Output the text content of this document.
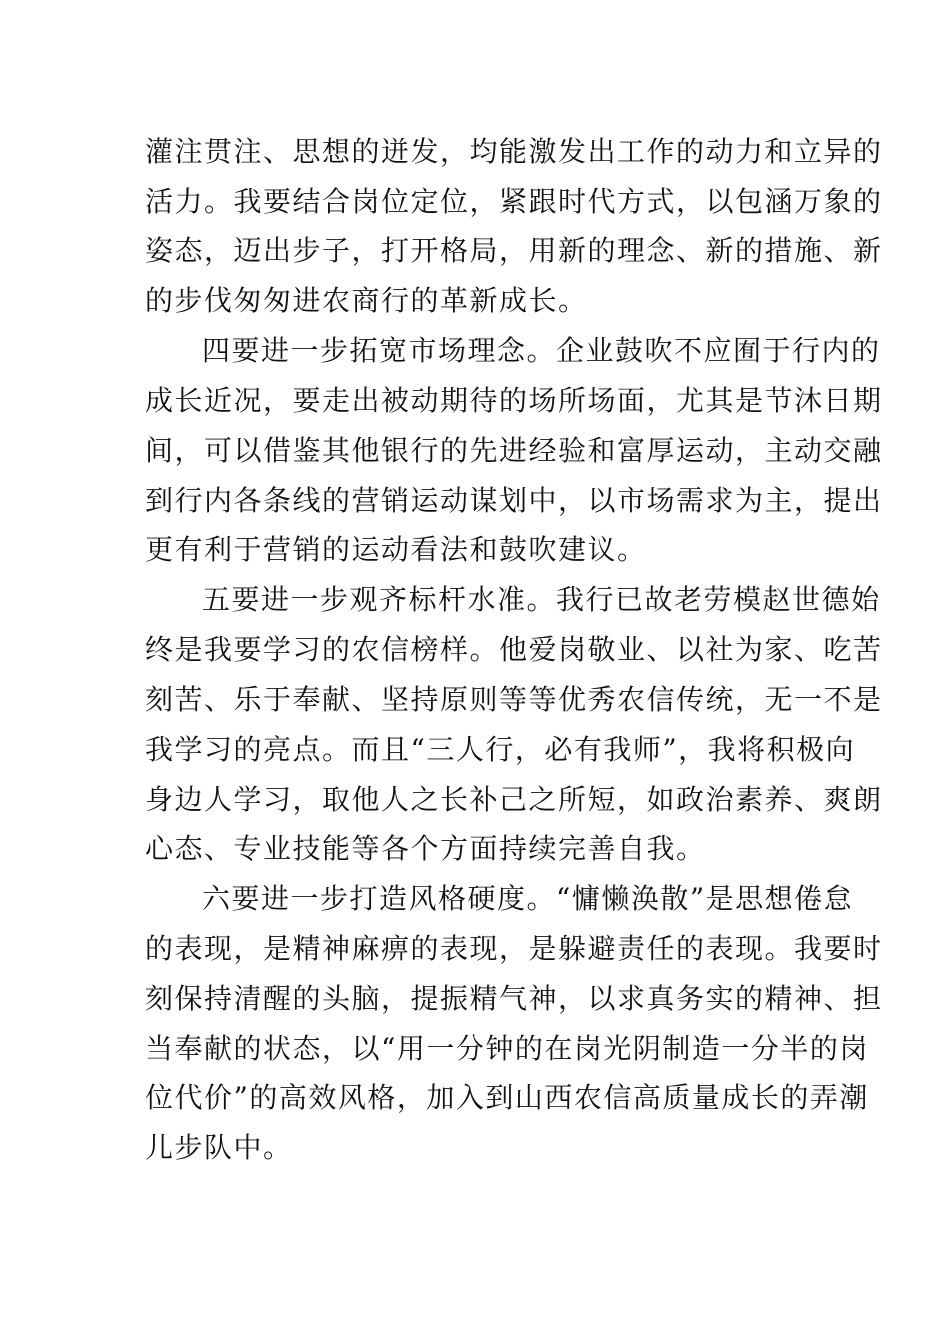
灌注贯注、思想的迸发，均能激发出工作的动力和立异的
活力。我要结合岗位定位，紧跟时代方式，以包涵万象的
姿态，迈出步子，打开格局，用新的理念、新的措施、新
的步伐匆匆进农商行的革新成长。
四要进一步拓宽市场理念。企业鼓吹不应囿于行内的
成长近况，要走出被动期待的场所场面，尤其是节沐日期
间，可以借鉴其他银行的先进经验和富厚运动，主动交融
到行内各条线的营销运动谋划中，以市场需求为主，提出
更有利于营销的运动看法和鼓吹建议。
五要进一步观齐标杆水准。我行已故老劳模赵世德始
终是我要学习的农信榜样。他爱岗敬业、以社为家、吃苦
刻苦、乐于奉献、坚持原则等等优秀农信传统，无一不是
我学习的亮点。而且“三人行，必有我师”，我将积极向
身边人学习，取他人之长补己之所短，如政治素养、爽朗
心态、专业技能等各个方面持续完善自我。
六要进一步打造风格硬度。“慵懒涣散”是思想倦怠
的表现，是精神麻痹的表现，是躲避责任的表现。我要时
刻保持清醒的头脑，提振精气神，以求真务实的精神、担
当奉献的状态，以“用一分钟的在岗光阴制造一分半的岗
位代价”的高效风格，加入到山西农信高质量成长的弄潮
儿步队中。
